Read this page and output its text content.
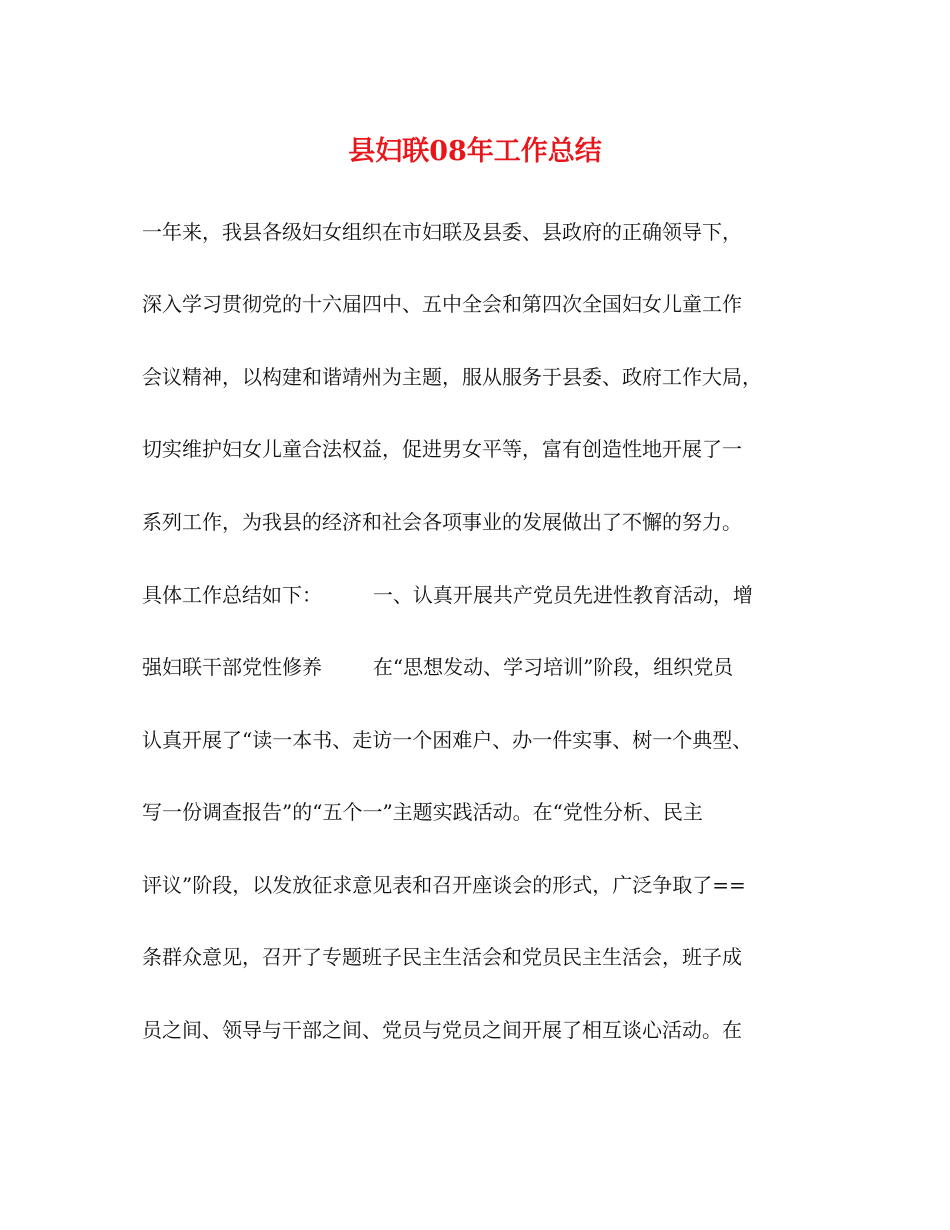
县妇联08年工作总结

一年来，我县各级妇女组织在市妇联及县委、县政府的正确领导下，

深入学习贯彻党的十六届四中、五中全会和第四次全国妇女儿童工作

会议精神，以构建和谐靖州为主题，服从服务于县委、政府工作大局，

切实维护妇女儿童合法权益，促进男女平等，富有创造性地开展了一

系列工作，为我县的经济和社会各项事业的发展做出了不懈的努力。

具体工作总结如下：        一、认真开展共产党员先进性教育活动，增

强妇联干部党性修养        在“思想发动、学习培训”阶段，组织党员

认真开展了“读一本书、走访一个困难户、办一件实事、树一个典型、

写一份调查报告”的“五个一”主题实践活动。在“党性分析、民主

评议”阶段，以发放征求意见表和召开座谈会的形式，广泛争取了==

条群众意见，召开了专题班子民主生活会和党员民主生活会，班子成

员之间、领导与干部之间、党员与党员之间开展了相互谈心活动。在
